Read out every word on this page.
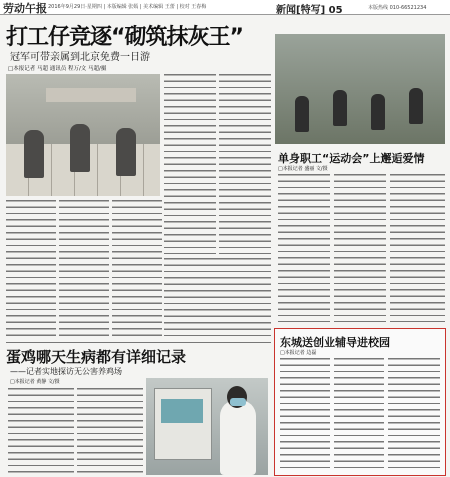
劳动午报 2016年9月29日·星期四 | 本版编辑 张嫣 | 美术编辑 王蕾 | 校对 王春梅	新闻[特写] 05	本版热线 010-66521234
打工仔竞逐“砌筑抹灰王”
冠军可带亲属到北京免费一日游
□本报记者 马超 通讯员 程万/文 马超/摄
单身职工“运动会”上邂逅爱情
□本报记者 盛丽 文/摄
蛋鸡哪天生病都有详细记录
——记者实地探访无公害养鸡场
□本报记者 黄静 文/摄
东城送创业辅导进校园
□本报记者 边磊
